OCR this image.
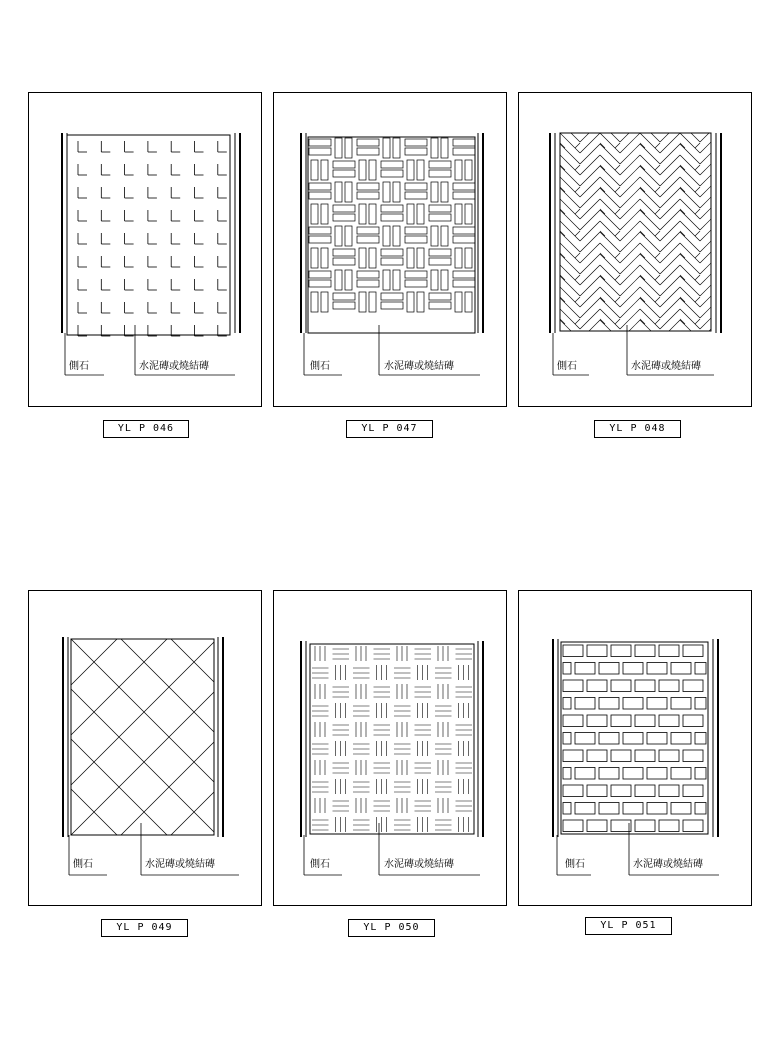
側石	水泥磚或燒結磚
YL P 046
側石	水泥磚或燒結磚
YL P 047
側石	水泥磚或燒結磚
YL P 048
側石	水泥磚或燒結磚
YL P 049
側石	水泥磚或燒結磚
YL P 050
側石	水泥磚或燒結磚
YL P 051
